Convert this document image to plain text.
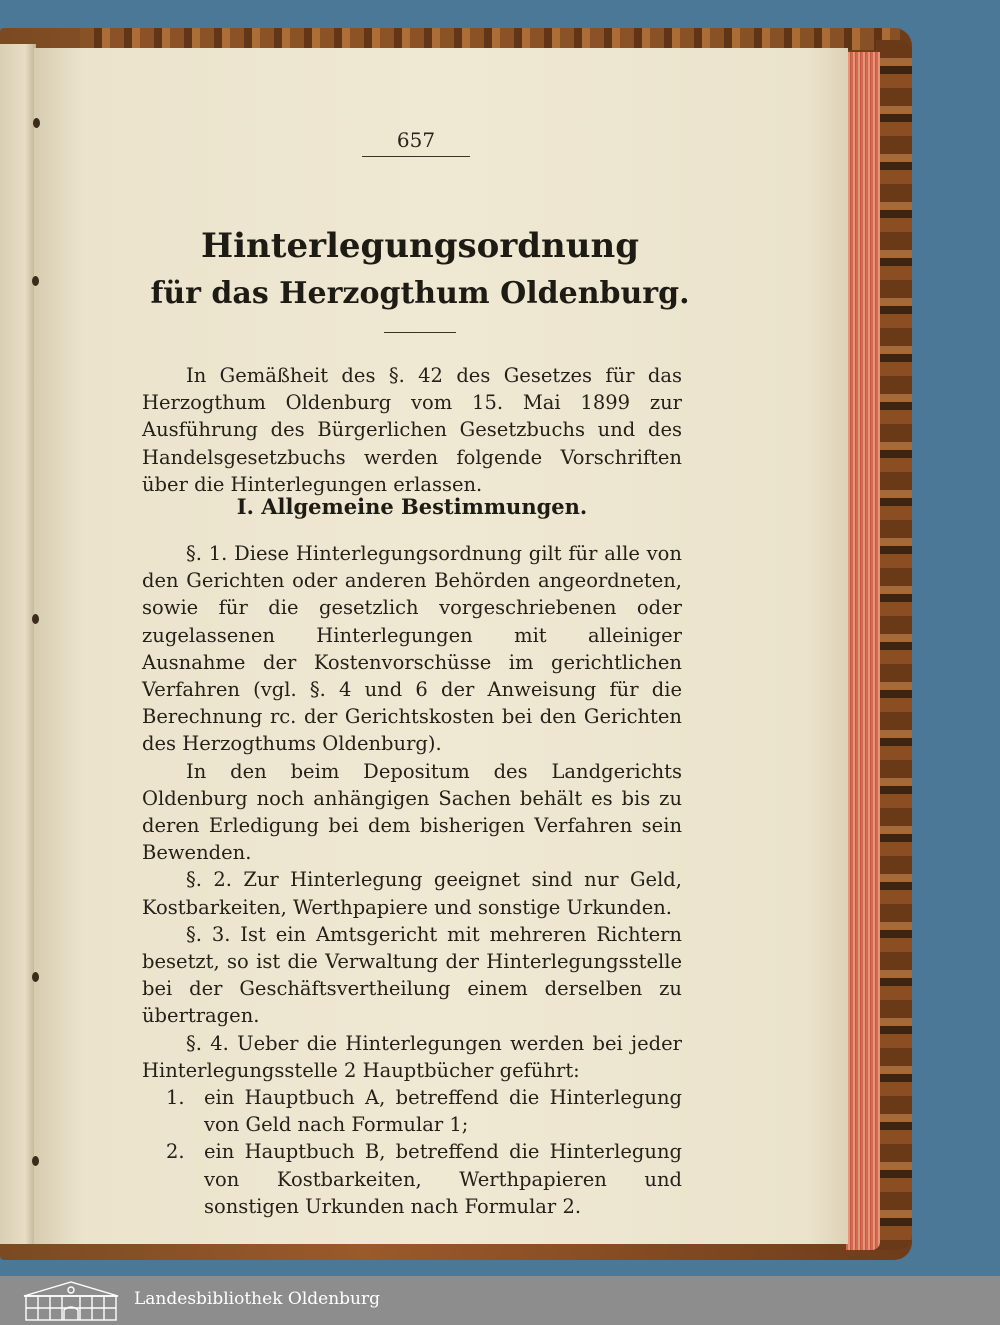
657
Hinterlegungsordnung
für das Herzogthum Oldenburg.

In Gemäßheit des §. 42 des Gesetzes für das Herzogthum Oldenburg vom 15. Mai 1899 zur Ausführung des Bürgerlichen Gesetzbuchs und des Handelsgesetzbuchs werden folgende Vorschriften über die Hinterlegungen erlassen.

I. Allgemeine Bestimmungen.

§. 1. Diese Hinterlegungsordnung gilt für alle von den Gerichten oder anderen Behörden angeordneten, sowie für die gesetzlich vorgeschriebenen oder zugelassenen Hinterlegungen mit alleiniger Ausnahme der Kostenvorschüsse im gerichtlichen Verfahren (vgl. §. 4 und 6 der Anweisung für die Berechnung rc. der Gerichtskosten bei den Gerichten des Herzogthums Oldenburg).

In den beim Depositum des Landgerichts Oldenburg noch anhängigen Sachen behält es bis zu deren Erledigung bei dem bisherigen Verfahren sein Bewenden.

§. 2. Zur Hinterlegung geeignet sind nur Geld, Kostbarkeiten, Werthpapiere und sonstige Urkunden.

§. 3. Ist ein Amtsgericht mit mehreren Richtern besetzt, so ist die Verwaltung der Hinterlegungsstelle bei der Geschäftsvertheilung einem derselben zu übertragen.

§. 4. Ueber die Hinterlegungen werden bei jeder Hinterlegungsstelle 2 Hauptbücher geführt:

1. ein Hauptbuch A, betreffend die Hinterlegung von Geld nach Formular 1;

2. ein Hauptbuch B, betreffend die Hinterlegung von Kostbarkeiten, Werthpapieren und sonstigen Urkunden nach Formular 2.

Landesbibliothek Oldenburg
